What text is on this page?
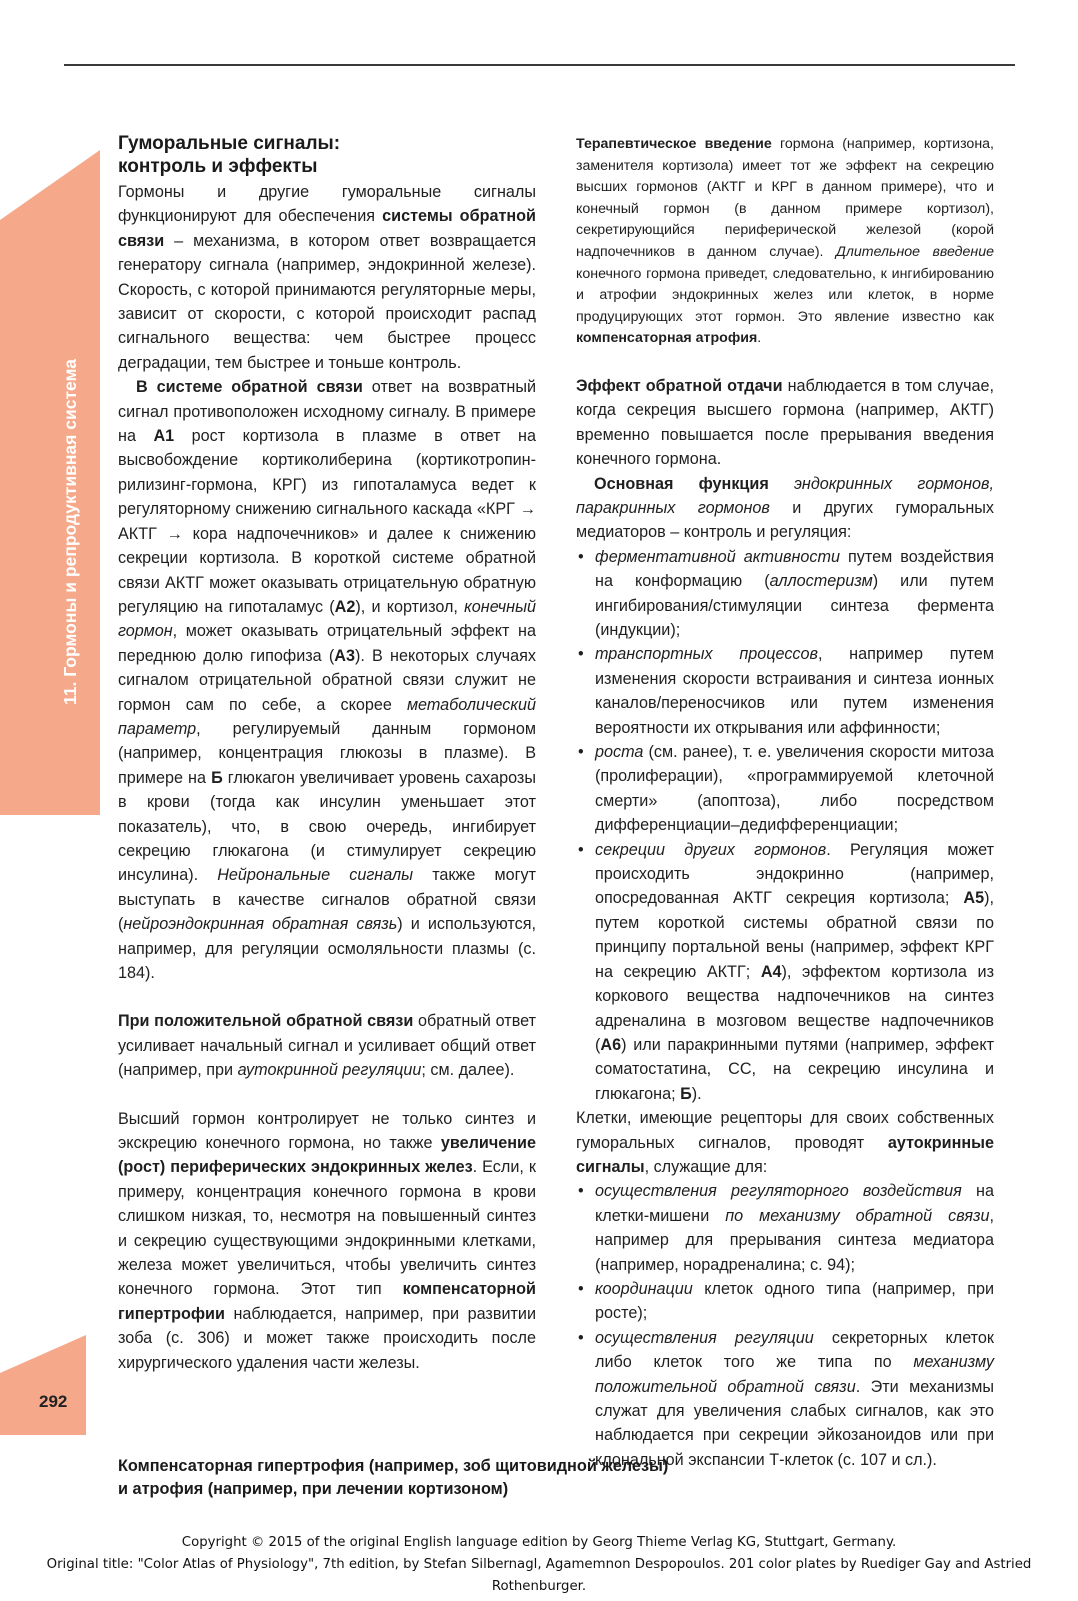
11. Гормоны и репродуктивная система
292
Гуморальные сигналы:
контроль и эффекты

Гормоны и другие гуморальные сигналы функционируют для обеспечения системы обратной связи – механизма, в котором ответ возвращается генератору сигнала (например, эндокринной железе). Скорость, с которой принимаются регуляторные меры, зависит от скорости, с которой происходит распад сигнального вещества: чем быстрее процесс деградации, тем быстрее и тоньше контроль.

В системе обратной связи ответ на возвратный сигнал противоположен исходному сигналу. В примере на A1 рост кортизола в плазме в ответ на высвобождение кортиколиберина (кортикотропин-рилизинг-гормона, КРГ) из гипоталамуса ведет к регуляторному снижению сигнального каскада «КРГ → АКТГ → кора надпочечников» и далее к снижению секреции кортизола. В короткой системе обратной связи АКТГ может оказывать отрицательную обратную регуляцию на гипоталамус (A2), и кортизол, конечный гормон, может оказывать отрицательный эффект на переднюю долю гипофиза (A3). В некоторых случаях сигналом отрицательной обратной связи служит не гормон сам по себе, а скорее метаболический параметр, регулируемый данным гормоном (например, концентрация глюкозы в плазме). В примере на Б глюкагон увеличивает уровень сахарозы в крови (тогда как инсулин уменьшает этот показатель), что, в свою очередь, ингибирует секрецию глюкагона (и стимулирует секрецию инсулина). Нейрональные сигналы также могут выступать в качестве сигналов обратной связи (нейроэндокринная обратная связь) и используются, например, для регуляции осмоляльности плазмы (с. 184).

При положительной обратной связи обратный ответ усиливает начальный сигнал и усиливает общий ответ (например, при аутокринной регуляции; см. далее).

Высший гормон контролирует не только синтез и экскрецию конечного гормона, но также увеличение (рост) периферических эндокринных желез. Если, к примеру, концентрация конечного гормона в крови слишком низкая, то, несмотря на повышенный синтез и секрецию существующими эндокринными клетками, железа может увеличиться, чтобы увеличить синтез конечного гормона. Этот тип компенсаторной гипертрофии наблюдается, например, при развитии зоба (с. 306) и может также происходить после хирургического удаления части железы.

Терапевтическое введение гормона (например, кортизона, заменителя кортизола) имеет тот же эффект на секрецию высших гормонов (АКТГ и КРГ в данном примере), что и конечный гормон (в данном примере кортизол), секретирующийся периферической железой (корой надпочечников в данном случае). Длительное введение конечного гормона приведет, следовательно, к ингибированию и атрофии эндокринных желез или клеток, в норме продуцирующих этот гормон. Это явление известно как компенсаторная атрофия.

Эффект обратной отдачи наблюдается в том случае, когда секреция высшего гормона (например, АКТГ) временно повышается после прерывания введения конечного гормона.

Основная функция эндокринных гормонов, паракринных гормонов и других гуморальных медиаторов – контроль и регуляция:

• ферментативной активности путем воздействия на конформацию (аллостеризм) или путем ингибирования/стимуляции синтеза фермента (индукции);
• транспортных процессов, например путем изменения скорости встраивания и синтеза ионных каналов/переносчиков или путем изменения вероятности их открывания или аффинности;
• роста (см. ранее), т. е. увеличения скорости митоза (пролиферации), «программируемой клеточной смерти» (апоптоза), либо посредством дифференциации–дедифференциации;
• секреции других гормонов. Регуляция может происходить эндокринно (например, опосредованная АКТГ секреция кортизола; A5), путем короткой системы обратной связи по принципу портальной вены (например, эффект КРГ на секрецию АКТГ; A4), эффектом кортизола из коркового вещества надпочечников на синтез адреналина в мозговом веществе надпочечников (A6) или паракринными путями (например, эффект соматостатина, СС, на секрецию инсулина и глюкагона; Б).

Клетки, имеющие рецепторы для своих собственных гуморальных сигналов, проводят аутокринные сигналы, служащие для:

• осуществления регуляторного воздействия на клетки-мишени по механизму обратной связи, например для прерывания синтеза медиатора (например, норадреналина; с. 94);
• координации клеток одного типа (например, при росте);
• осуществления регуляции секреторных клеток либо клеток того же типа по механизму положительной обратной связи. Эти механизмы служат для увеличения слабых сигналов, как это наблюдается при секреции эйкозаноидов или при клональной экспансии Т-клеток (с. 107 и сл.).
Компенсаторная гипертрофия (например, зоб щитовидной железы)
и атрофия (например, при лечении кортизоном)
Copyright © 2015 of the original English language edition by Georg Thieme Verlag KG, Stuttgart, Germany.
Original title: "Color Atlas of Physiology", 7th edition, by Stefan Silbernagl, Agamemnon Despopoulos. 201 color plates by Ruediger Gay and Astried Rothenburger.
